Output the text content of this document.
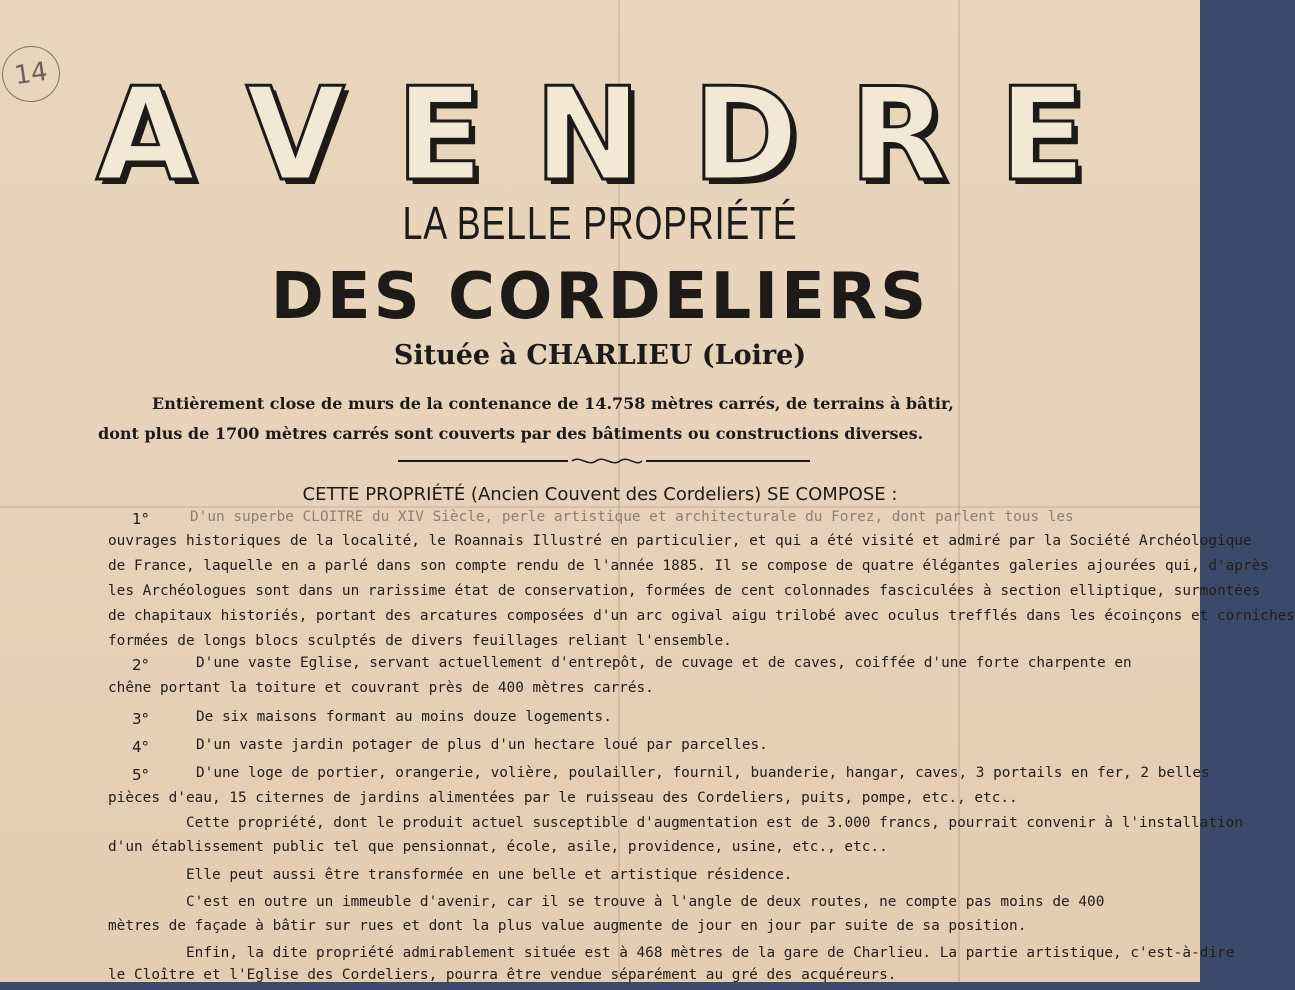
14 A V E N D R E
LA BELLE PROPRIÉTÉ
DES CORDELIERS
Située à CHARLIEU (Loire)
Entièrement close de murs de la contenance de 14.758 mètres carrés, de terrains à bâtir,
dont plus de 1700 mètres carrés sont couverts par des bâtiments ou constructions diverses.
CETTE PROPRIÉTÉ (Ancien Couvent des Cordeliers) SE COMPOSE :
1°	D'un superbe CLOITRE du XIV Siècle, perle artistique et architecturale du Forez, dont parlent tous les
ouvrages historiques de la localité, le Roannais Illustré en particulier, et qui a été visité et admiré par la Société Archéologique
de France, laquelle en a parlé dans son compte rendu de l'année 1885. Il se compose de quatre élégantes galeries ajourées qui, d'après
les Archéologues sont dans un rarissime état de conservation, formées de cent colonnades fasciculées à section elliptique, surmontées
de chapitaux historiés, portant des arcatures composées d'un arc ogival aigu trilobé avec oculus trefflés dans les écoinçons et corniches
formées de longs blocs sculptés de divers feuillages reliant l'ensemble.
2°	D'une vaste Eglise, servant actuellement d'entrepôt, de cuvage et de caves, coiffée d'une forte charpente en
chêne portant la toiture et couvrant près de 400 mètres carrés.
3°	De six maisons formant au moins douze logements.
4°	D'un vaste jardin potager de plus d'un hectare loué par parcelles.
5°	D'une loge de portier, orangerie, volière, poulailler, fournil, buanderie, hangar, caves, 3 portails en fer, 2 belles
pièces d'eau, 15 citernes de jardins alimentées par le ruisseau des Cordeliers, puits, pompe, etc., etc..
Cette propriété, dont le produit actuel susceptible d'augmentation est de 3.000 francs, pourrait convenir à l'installation
d'un établissement public tel que pensionnat, école, asile, providence, usine, etc., etc..
Elle peut aussi être transformée en une belle et artistique résidence.
C'est en outre un immeuble d'avenir, car il se trouve à l'angle de deux routes, ne compte pas moins de 400
mètres de façade à bâtir sur rues et dont la plus value augmente de jour en jour par suite de sa position.
Enfin, la dite propriété admirablement située est à 468 mètres de la gare de Charlieu. La partie artistique, c'est-à-dire
le Cloître et l'Eglise des Cordeliers, pourra être vendue séparément au gré des acquéreurs.
